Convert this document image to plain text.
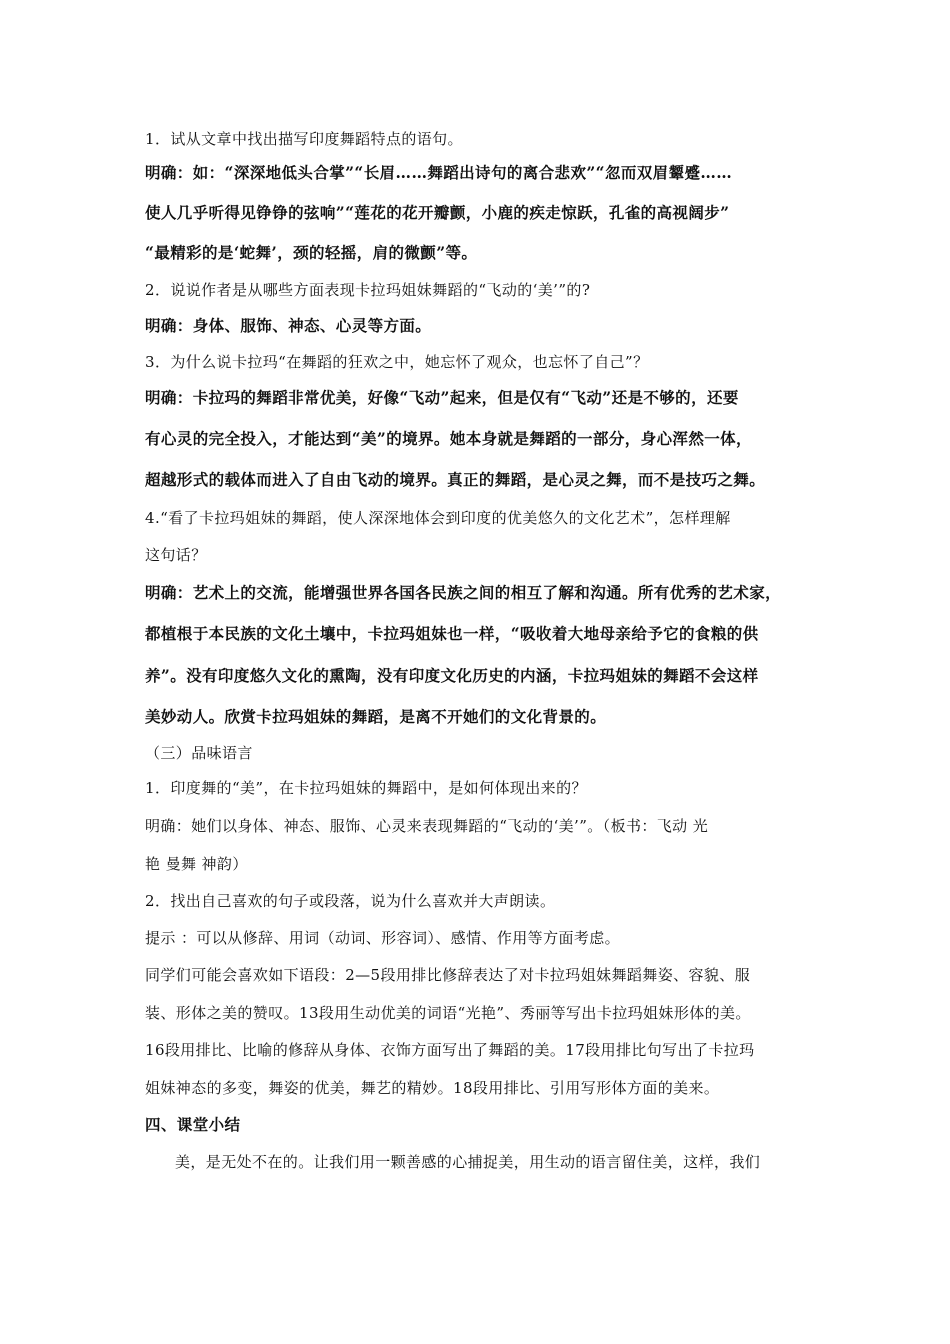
1．试从文章中找出描写印度舞蹈特点的语句。
明确：如：“深深地低头合掌”“长眉……舞蹈出诗句的离合悲欢”“忽而双眉颦蹙……
使人几乎听得见铮铮的弦响”“莲花的花开瓣颤，小鹿的疾走惊跃，孔雀的高视阔步”
“最精彩的是‘蛇舞’，颈的轻摇，肩的微颤”等。
2．说说作者是从哪些方面表现卡拉玛姐妹舞蹈的“飞动的‘美’”的?
明确：身体、服饰、神态、心灵等方面。
3．为什么说卡拉玛“在舞蹈的狂欢之中，她忘怀了观众，也忘怀了自己”？
明确：卡拉玛的舞蹈非常优美，好像“飞动”起来，但是仅有“飞动”还是不够的，还要
有心灵的完全投入，才能达到“美”的境界。她本身就是舞蹈的一部分，身心浑然一体，
超越形式的载体而进入了自由飞动的境界。真正的舞蹈，是心灵之舞，而不是技巧之舞。
4.“看了卡拉玛姐妹的舞蹈，使人深深地体会到印度的优美悠久的文化艺术”，怎样理解
这句话？
明确：艺术上的交流，能增强世界各国各民族之间的相互了解和沟通。所有优秀的艺术家，
都植根于本民族的文化土壤中，卡拉玛姐妹也一样，“吸收着大地母亲给予它的食粮的供
养”。没有印度悠久文化的熏陶，没有印度文化历史的内涵，卡拉玛姐妹的舞蹈不会这样
美妙动人。欣赏卡拉玛姐妹的舞蹈，是离不开她们的文化背景的。
（三）品味语言
1．印度舞的“美”，在卡拉玛姐妹的舞蹈中，是如何体现出来的？
明确：她们以身体、神态、服饰、心灵来表现舞蹈的“飞动的‘美’”。（板书：飞动 光
艳 曼舞 神韵）
2．找出自己喜欢的句子或段落，说为什么喜欢并大声朗读。
提示 ：可以从修辞、用词（动词、形容词）、感情、作用等方面考虑。
同学们可能会喜欢如下语段：2—5段用排比修辞表达了对卡拉玛姐妹舞蹈舞姿、容貌、服
装、形体之美的赞叹。13段用生动优美的词语“光艳”、秀丽等写出卡拉玛姐妹形体的美。
16段用排比、比喻的修辞从身体、衣饰方面写出了舞蹈的美。17段用排比句写出了卡拉玛
姐妹神态的多变，舞姿的优美，舞艺的精妙。18段用排比、引用写形体方面的美来。
四、课堂小结
美，是无处不在的。让我们用一颗善感的心捕捉美，用生动的语言留住美，这样，我们
